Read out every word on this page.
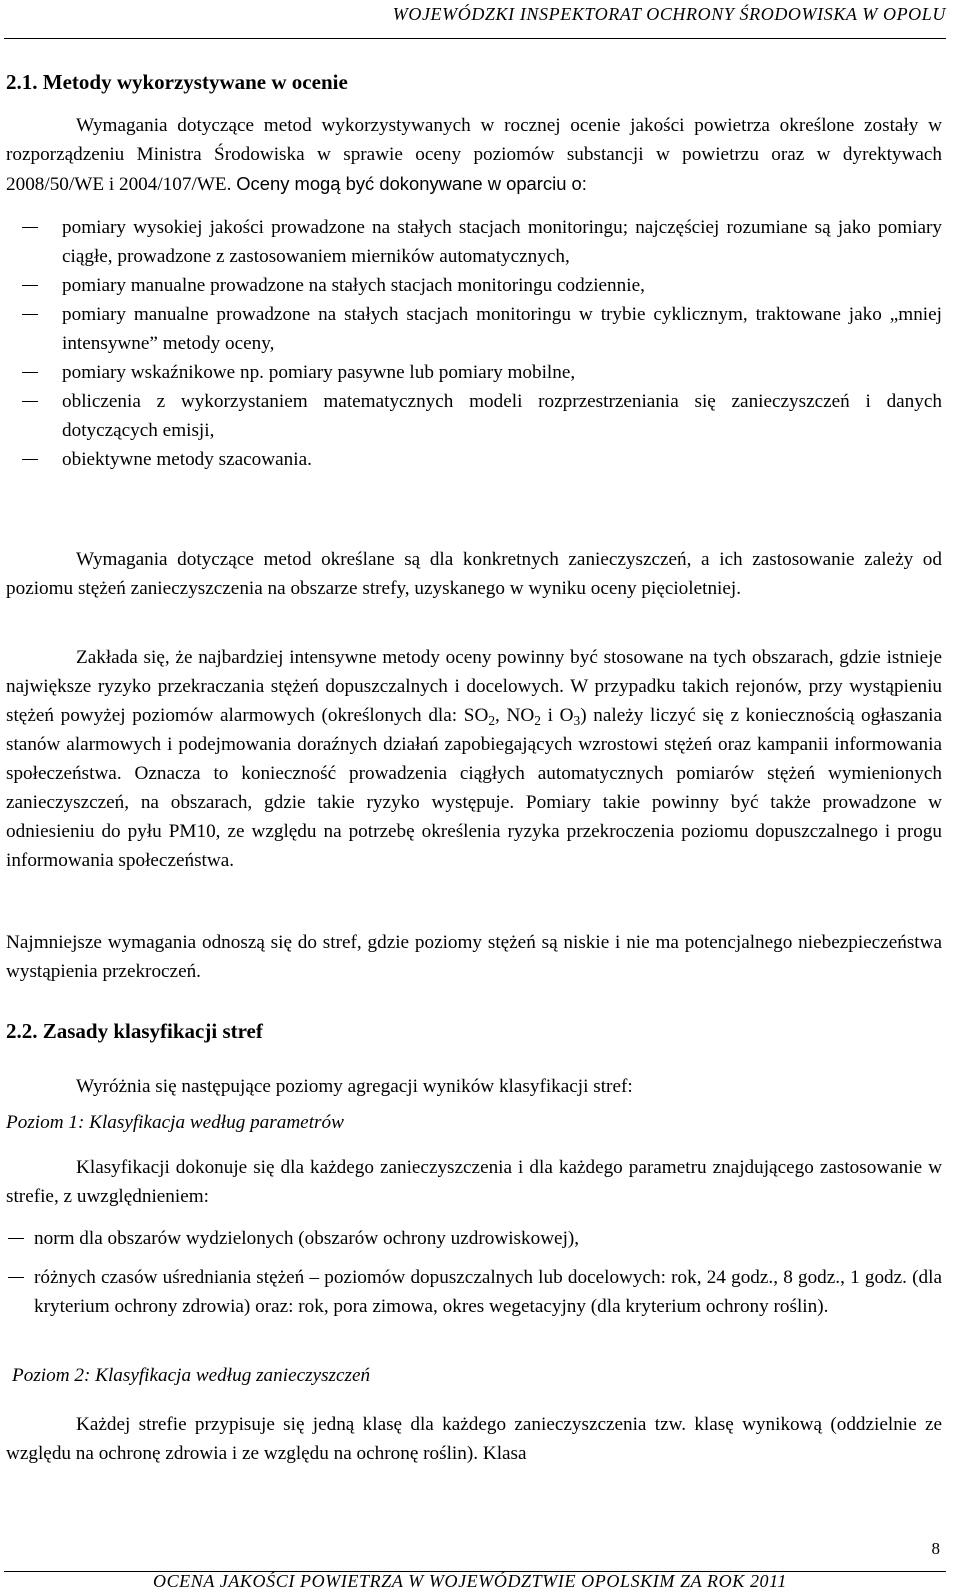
WOJEWÓDZKI INSPEKTORAT OCHRONY ŚRODOWISKA W OPOLU
2.1. Metody wykorzystywane w ocenie

Wymagania dotyczące metod wykorzystywanych w rocznej ocenie jakości powietrza określone zostały w rozporządzeniu Ministra Środowiska w sprawie oceny poziomów substancji w powietrzu oraz w dyrektywach 2008/50/WE i 2004/107/WE. Oceny mogą być dokonywane w oparciu o:

pomiary wysokiej jakości prowadzone na stałych stacjach monitoringu; najczęściej rozumiane są jako pomiary ciągłe, prowadzone z zastosowaniem mierników automatycznych,
pomiary manualne prowadzone na stałych stacjach monitoringu codziennie,
pomiary manualne prowadzone na stałych stacjach monitoringu w trybie cyklicznym, traktowane jako „mniej intensywne” metody oceny,
pomiary wskaźnikowe np. pomiary pasywne lub pomiary mobilne,
obliczenia z wykorzystaniem matematycznych modeli rozprzestrzeniania się zanieczyszczeń i danych dotyczących emisji,
obiektywne metody szacowania.

Wymagania dotyczące metod określane są dla konkretnych zanieczyszczeń, a ich zastosowanie zależy od poziomu stężeń zanieczyszczenia na obszarze strefy, uzyskanego w wyniku oceny pięcioletniej.

Zakłada się, że najbardziej intensywne metody oceny powinny być stosowane na tych obszarach, gdzie istnieje największe ryzyko przekraczania stężeń dopuszczalnych i docelowych. W przypadku takich rejonów, przy wystąpieniu stężeń powyżej poziomów alarmowych (określonych dla: $SO_2$, $NO_2$ i $O_3$) należy liczyć się z koniecznością ogłaszania stanów alarmowych i podejmowania doraźnych działań zapobiegających wzrostowi stężeń oraz kampanii informowania społeczeństwa. Oznacza to konieczność prowadzenia ciągłych automatycznych pomiarów stężeń wymienionych zanieczyszczeń, na obszarach, gdzie takie ryzyko występuje. Pomiary takie powinny być także prowadzone w odniesieniu do pyłu PM10, ze względu na potrzebę określenia ryzyka przekroczenia poziomu dopuszczalnego i progu informowania społeczeństwa.

Najmniejsze wymagania odnoszą się do stref, gdzie poziomy stężeń są niskie i nie ma potencjalnego niebezpieczeństwa wystąpienia przekroczeń.

2.2. Zasady klasyfikacji stref

Wyróżnia się następujące poziomy agregacji wyników klasyfikacji stref:

Poziom 1: Klasyfikacja według parametrów

Klasyfikacji dokonuje się dla każdego zanieczyszczenia i dla każdego parametru znajdującego zastosowanie w strefie, z uwzględnieniem:

norm dla obszarów wydzielonych (obszarów ochrony uzdrowiskowej),
różnych czasów uśredniania stężeń – poziomów dopuszczalnych lub docelowych: rok, 24 godz., 8 godz., 1 godz. (dla kryterium ochrony zdrowia) oraz: rok, pora zimowa, okres wegetacyjny (dla kryterium ochrony roślin).
Poziom 2: Klasyfikacja według zanieczyszczeń

Każdej strefie przypisuje się jedną klasę dla każdego zanieczyszczenia tzw. klasę wynikową (oddzielnie ze względu na ochronę zdrowia i ze względu na ochronę roślin). Klasa

8
OCENA JAKOŚCI POWIETRZA W WOJEWÓDZTWIE OPOLSKIM ZA ROK 2011
